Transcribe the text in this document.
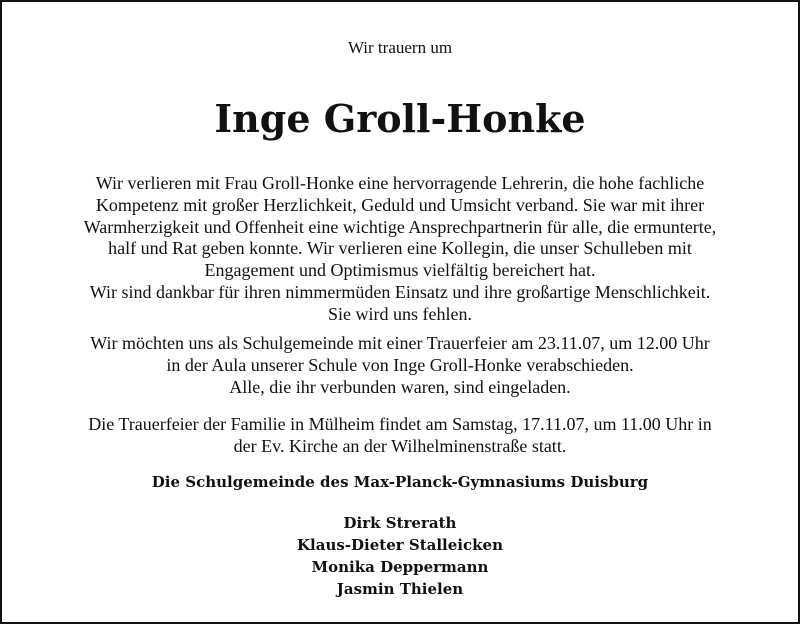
Wir trauern um
Inge Groll-Honke

Wir verlieren mit Frau Groll-Honke eine hervorragende Lehrerin, die hohe fachliche
Kompetenz mit großer Herzlichkeit, Geduld und Umsicht verband. Sie war mit ihrer
Warmherzigkeit und Offenheit eine wichtige Ansprechpartnerin für alle, die ermunterte,
half und Rat geben konnte. Wir verlieren eine Kollegin, die unser Schulleben mit
Engagement und Optimismus vielfältig bereichert hat.
Wir sind dankbar für ihren nimmermüden Einsatz und ihre großartige Menschlichkeit.
Sie wird uns fehlen.

Wir möchten uns als Schulgemeinde mit einer Trauerfeier am 23.11.07, um 12.00 Uhr
in der Aula unserer Schule von Inge Groll-Honke verabschieden.
Alle, die ihr verbunden waren, sind eingeladen.

Die Trauerfeier der Familie in Mülheim findet am Samstag, 17.11.07, um 11.00 Uhr in
der Ev. Kirche an der Wilhelminenstraße statt.

Die Schulgemeinde des Max-Planck-Gymnasiums Duisburg
Dirk Strerath
Klaus-Dieter Stalleicken
Monika Deppermann
Jasmin Thielen
